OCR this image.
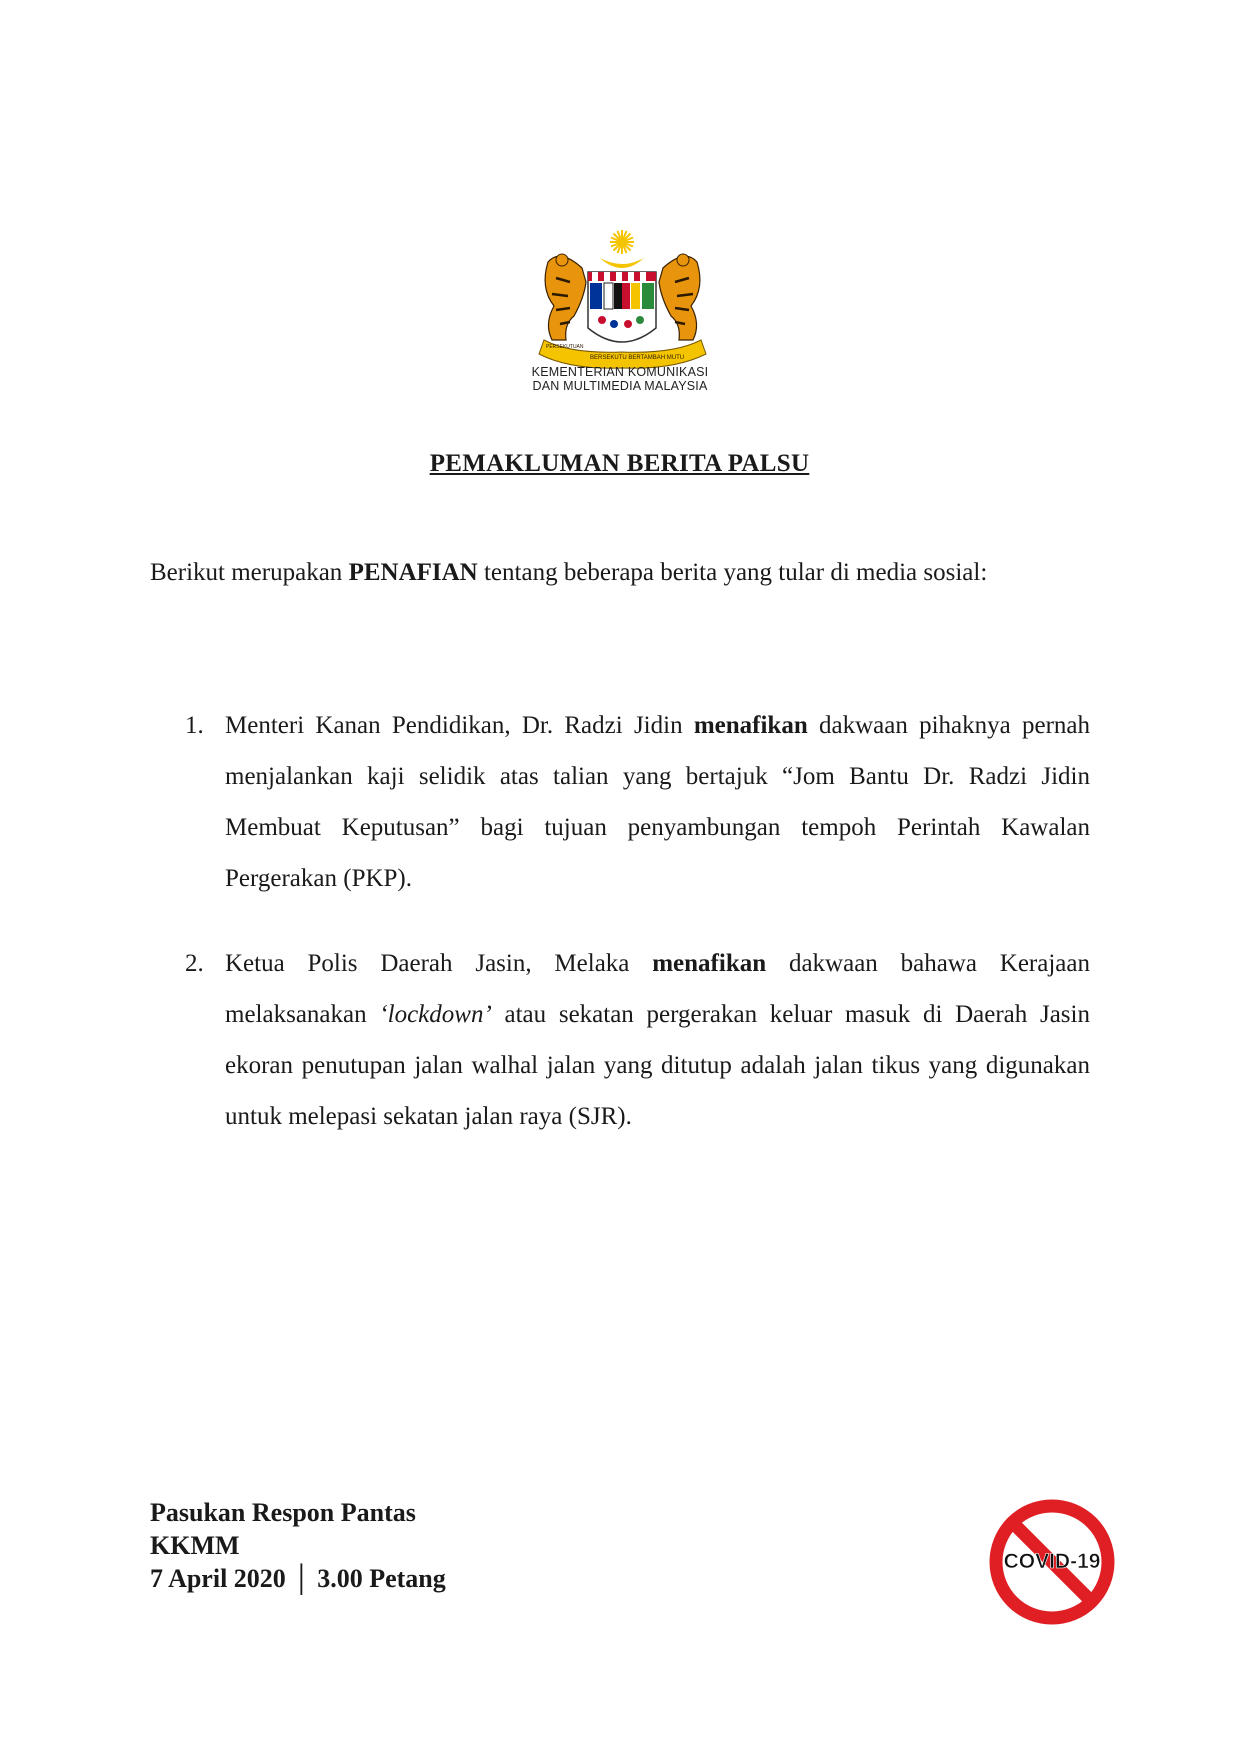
BERSEKUTU BERTAMBAH MUTU
PERSEKUTUAN
KEMENTERIAN KOMUNIKASI
DAN MULTIMEDIA MALAYSIA
PEMAKLUMAN BERITA PALSU

Berikut merupakan PENAFIAN tentang beberapa berita yang tular di media sosial:

1. Menteri Kanan Pendidikan, Dr. Radzi Jidin menafikan dakwaan pihaknya pernah menjalankan kaji selidik atas talian yang bertajuk “Jom Bantu Dr. Radzi Jidin Membuat Keputusan” bagi tujuan penyambungan tempoh Perintah Kawalan Pergerakan (PKP).

2. Ketua Polis Daerah Jasin, Melaka menafikan dakwaan bahawa Kerajaan melaksanakan ‘lockdown’ atau sekatan pergerakan keluar masuk di Daerah Jasin ekoran penutupan jalan walhal jalan yang ditutup adalah jalan tikus yang digunakan untuk melepasi sekatan jalan raya (SJR).

Pasukan Respon Pantas
KKMM
7 April 2020 │ 3.00 Petang
COVID-19
